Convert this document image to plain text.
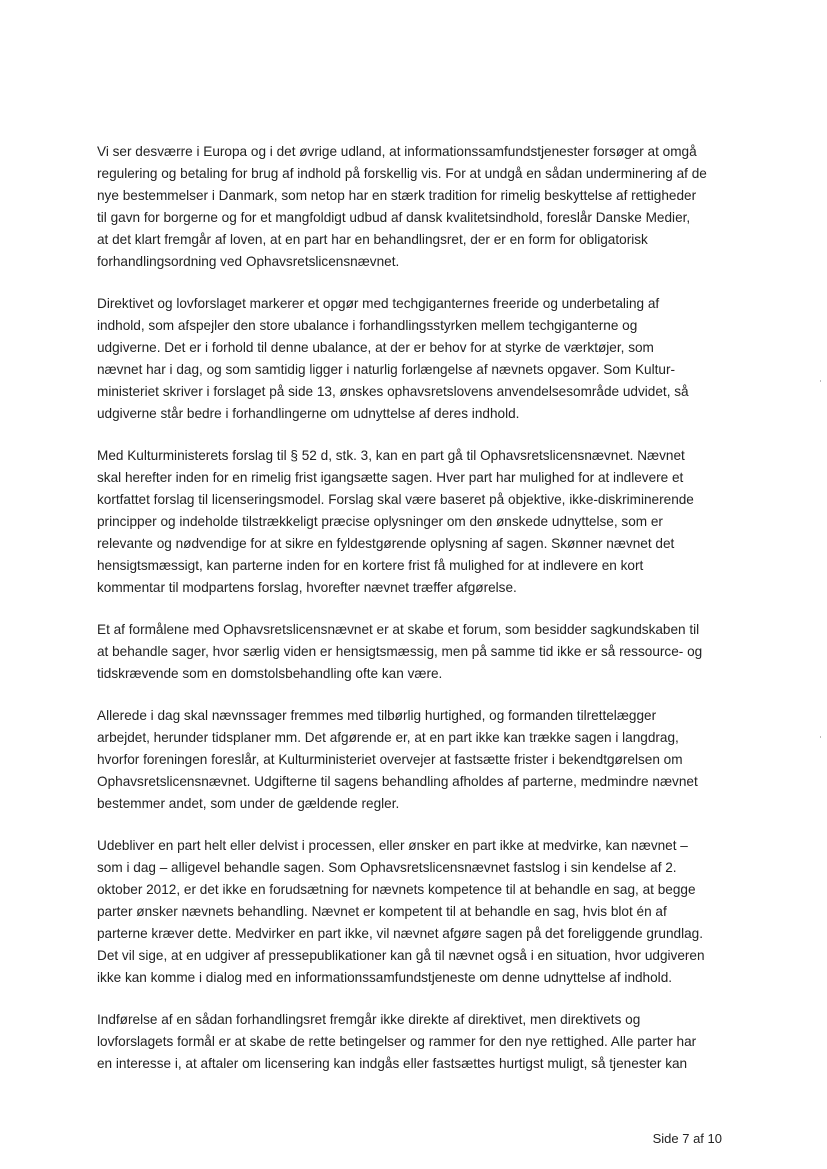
Vi ser desværre i Europa og i det øvrige udland, at informationssamfundstjenester forsøger at omgå
regulering og betaling for brug af indhold på forskellig vis. For at undgå en sådan underminering af de
nye bestemmelser i Danmark, som netop har en stærk tradition for rimelig beskyttelse af rettigheder
til gavn for borgerne og for et mangfoldigt udbud af dansk kvalitetsindhold, foreslår Danske Medier,
at det klart fremgår af loven, at en part har en behandlingsret, der er en form for obligatorisk
forhandlingsordning ved Ophavsretslicensnævnet.

Direktivet og lovforslaget markerer et opgør med techgiganternes freeride og underbetaling af
indhold, som afspejler den store ubalance i forhandlingsstyrken mellem techgiganterne og
udgiverne. Det er i forhold til denne ubalance, at der er behov for at styrke de værktøjer, som
nævnet har i dag, og som samtidig ligger i naturlig forlængelse af nævnets opgaver. Som Kultur-
ministeriet skriver i forslaget på side 13, ønskes ophavsretslovens anvendelsesområde udvidet, så
udgiverne står bedre i forhandlingerne om udnyttelse af deres indhold.

Med Kulturministerets forslag til § 52 d, stk. 3, kan en part gå til Ophavsretslicensnævnet. Nævnet
skal herefter inden for en rimelig frist igangsætte sagen. Hver part har mulighed for at indlevere et
kortfattet forslag til licenseringsmodel. Forslag skal være baseret på objektive, ikke-diskriminerende
principper og indeholde tilstrækkeligt præcise oplysninger om den ønskede udnyttelse, som er
relevante og nødvendige for at sikre en fyldestgørende oplysning af sagen. Skønner nævnet det
hensigtsmæssigt, kan parterne inden for en kortere frist få mulighed for at indlevere en kort
kommentar til modpartens forslag, hvorefter nævnet træffer afgørelse.

Et af formålene med Ophavsretslicensnævnet er at skabe et forum, som besidder sagkundskaben til
at behandle sager, hvor særlig viden er hensigtsmæssig, men på samme tid ikke er så ressource- og
tidskrævende som en domstolsbehandling ofte kan være.

Allerede i dag skal nævnssager fremmes med tilbørlig hurtighed, og formanden tilrettelægger
arbejdet, herunder tidsplaner mm. Det afgørende er, at en part ikke kan trække sagen i langdrag,
hvorfor foreningen foreslår, at Kulturministeriet overvejer at fastsætte frister i bekendtgørelsen om
Ophavsretslicensnævnet. Udgifterne til sagens behandling afholdes af parterne, medmindre nævnet
bestemmer andet, som under de gældende regler.

Udebliver en part helt eller delvist i processen, eller ønsker en part ikke at medvirke, kan nævnet –
som i dag – alligevel behandle sagen. Som Ophavsretslicensnævnet fastslog i sin kendelse af 2.
oktober 2012, er det ikke en forudsætning for nævnets kompetence til at behandle en sag, at begge
parter ønsker nævnets behandling. Nævnet er kompetent til at behandle en sag, hvis blot én af
parterne kræver dette. Medvirker en part ikke, vil nævnet afgøre sagen på det foreliggende grundlag.
Det vil sige, at en udgiver af pressepublikationer kan gå til nævnet også i en situation, hvor udgiveren
ikke kan komme i dialog med en informationssamfundstjeneste om denne udnyttelse af indhold.

Indførelse af en sådan forhandlingsret fremgår ikke direkte af direktivet, men direktivets og
lovforslagets formål er at skabe de rette betingelser og rammer for den nye rettighed. Alle parter har
en interesse i, at aftaler om licensering kan indgås eller fastsættes hurtigst muligt, så tjenester kan

Side 7 af 10
